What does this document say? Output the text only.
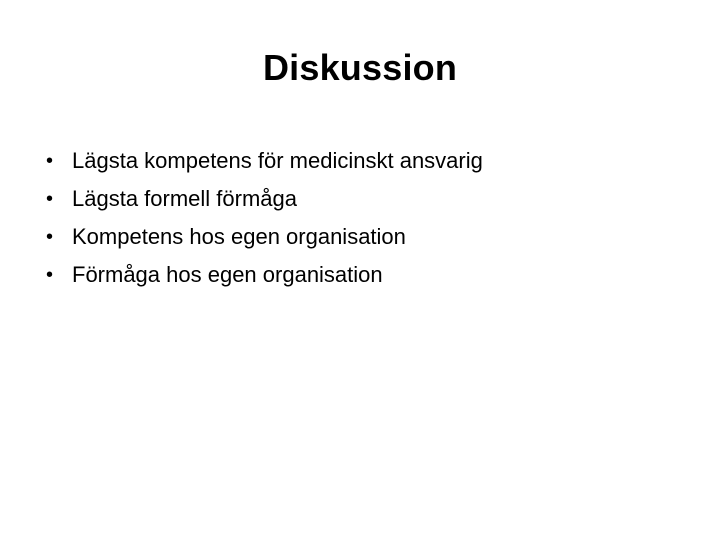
Diskussion
• Lägsta kompetens för medicinskt ansvarig
• Lägsta formell förmåga
• Kompetens hos egen organisation
• Förmåga hos egen organisation
